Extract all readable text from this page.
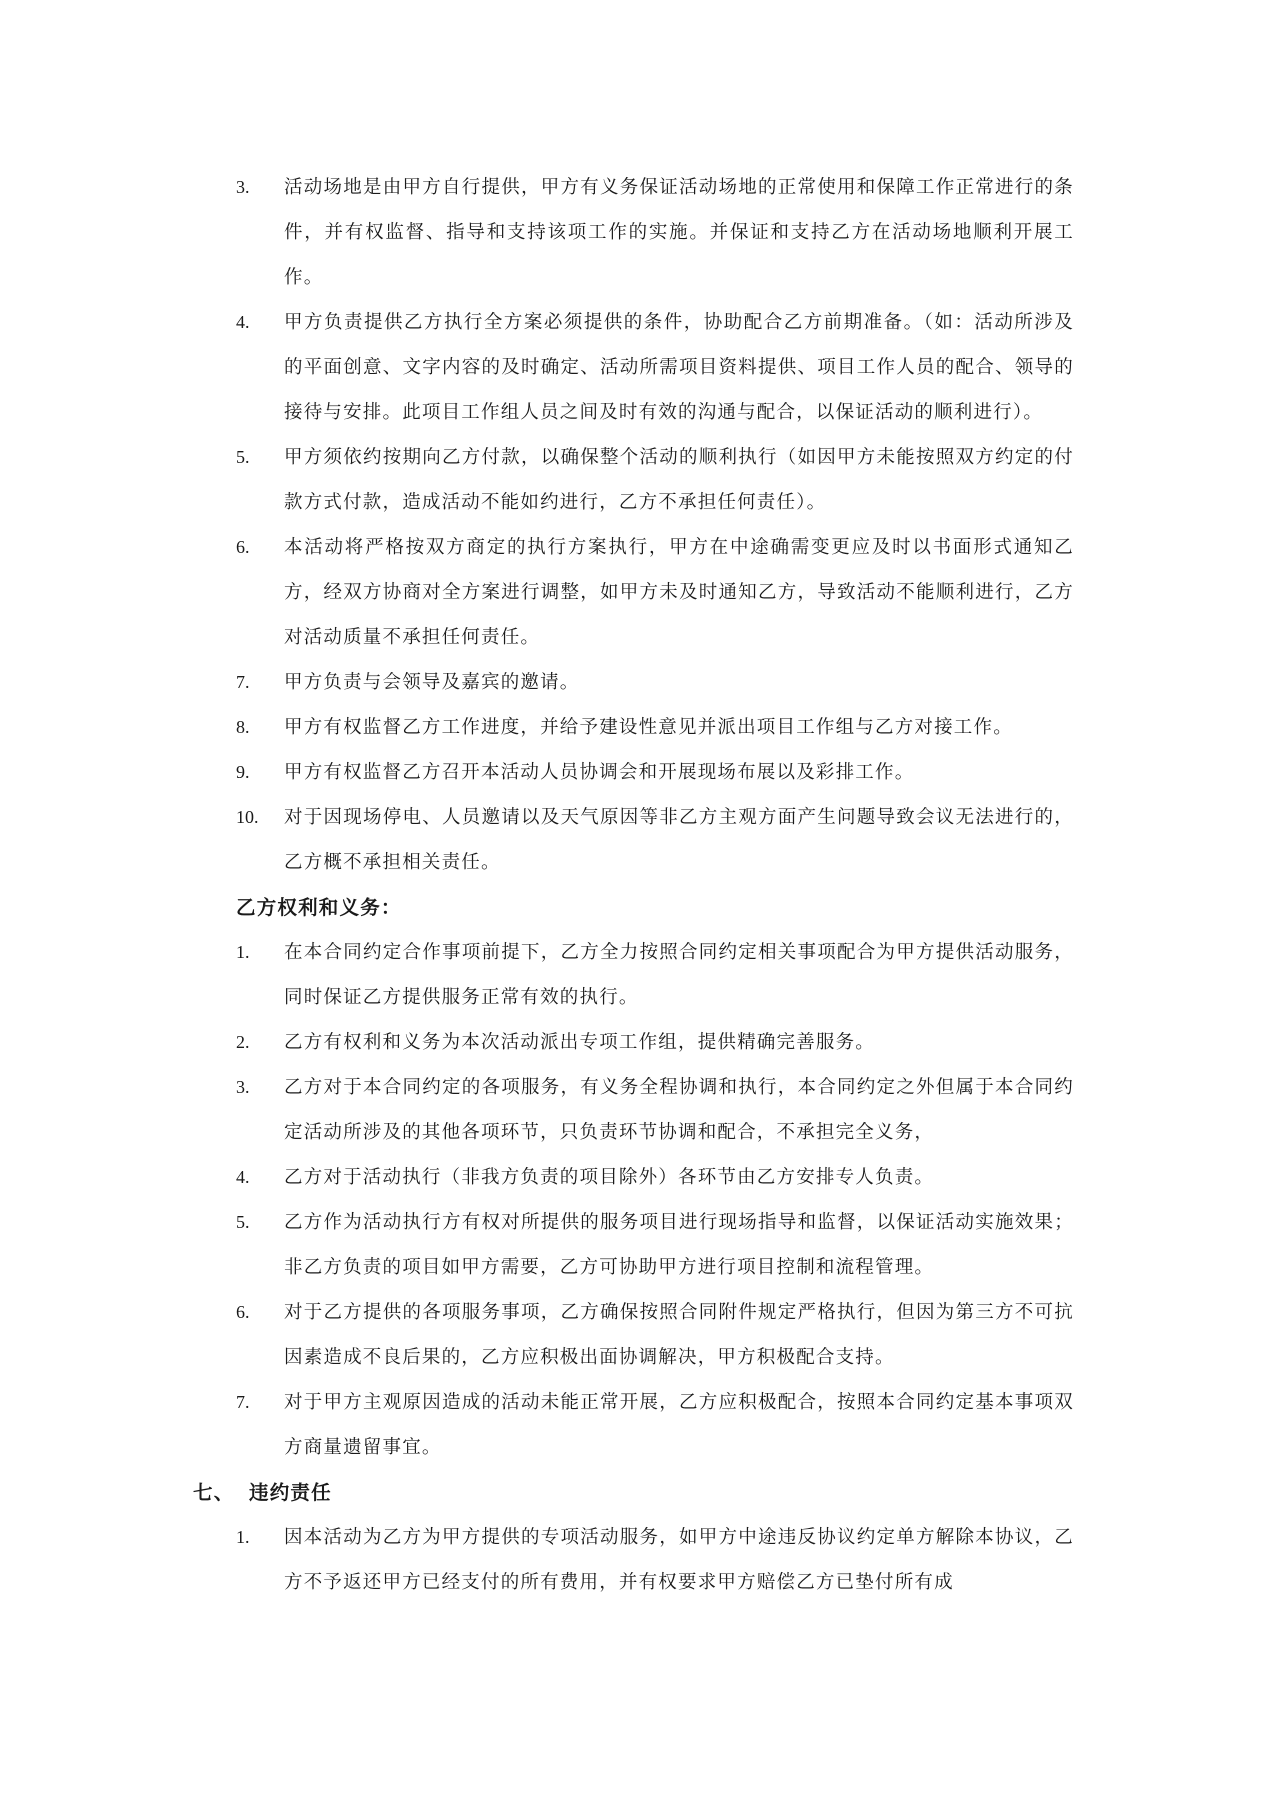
3. 活动场地是由甲方自行提供，甲方有义务保证活动场地的正常使用和保障工作正常进行的条件，并有权监督、指导和支持该项工作的实施。并保证和支持乙方在活动场地顺利开展工作。
4. 甲方负责提供乙方执行全方案必须提供的条件，协助配合乙方前期准备。（如：活动所涉及的平面创意、文字内容的及时确定、活动所需项目资料提供、项目工作人员的配合、领导的接待与安排。此项目工作组人员之间及时有效的沟通与配合，以保证活动的顺利进行）。
5. 甲方须依约按期向乙方付款，以确保整个活动的顺利执行（如因甲方未能按照双方约定的付款方式付款，造成活动不能如约进行，乙方不承担任何责任）。
6. 本活动将严格按双方商定的执行方案执行，甲方在中途确需变更应及时以书面形式通知乙方，经双方协商对全方案进行调整，如甲方未及时通知乙方，导致活动不能顺利进行，乙方对活动质量不承担任何责任。
7. 甲方负责与会领导及嘉宾的邀请。
8. 甲方有权监督乙方工作进度，并给予建设性意见并派出项目工作组与乙方对接工作。
9. 甲方有权监督乙方召开本活动人员协调会和开展现场布展以及彩排工作。
10. 对于因现场停电、人员邀请以及天气原因等非乙方主观方面产生问题导致会议无法进行的，乙方概不承担相关责任。
乙方权利和义务：
1. 在本合同约定合作事项前提下，乙方全力按照合同约定相关事项配合为甲方提供活动服务，同时保证乙方提供服务正常有效的执行。
2. 乙方有权利和义务为本次活动派出专项工作组，提供精确完善服务。
3. 乙方对于本合同约定的各项服务，有义务全程协调和执行，本合同约定之外但属于本合同约定活动所涉及的其他各项环节，只负责环节协调和配合，不承担完全义务，
4. 乙方对于活动执行（非我方负责的项目除外）各环节由乙方安排专人负责。
5. 乙方作为活动执行方有权对所提供的服务项目进行现场指导和监督，以保证活动实施效果；非乙方负责的项目如甲方需要，乙方可协助甲方进行项目控制和流程管理。
6. 对于乙方提供的各项服务事项，乙方确保按照合同附件规定严格执行，但因为第三方不可抗因素造成不良后果的，乙方应积极出面协调解决，甲方积极配合支持。
7. 对于甲方主观原因造成的活动未能正常开展，乙方应积极配合，按照本合同约定基本事项双方商量遗留事宜。
七、 违约责任
1. 因本活动为乙方为甲方提供的专项活动服务，如甲方中途违反协议约定单方解除本协议，乙方不予返还甲方已经支付的所有费用，并有权要求甲方赔偿乙方已垫付所有成
